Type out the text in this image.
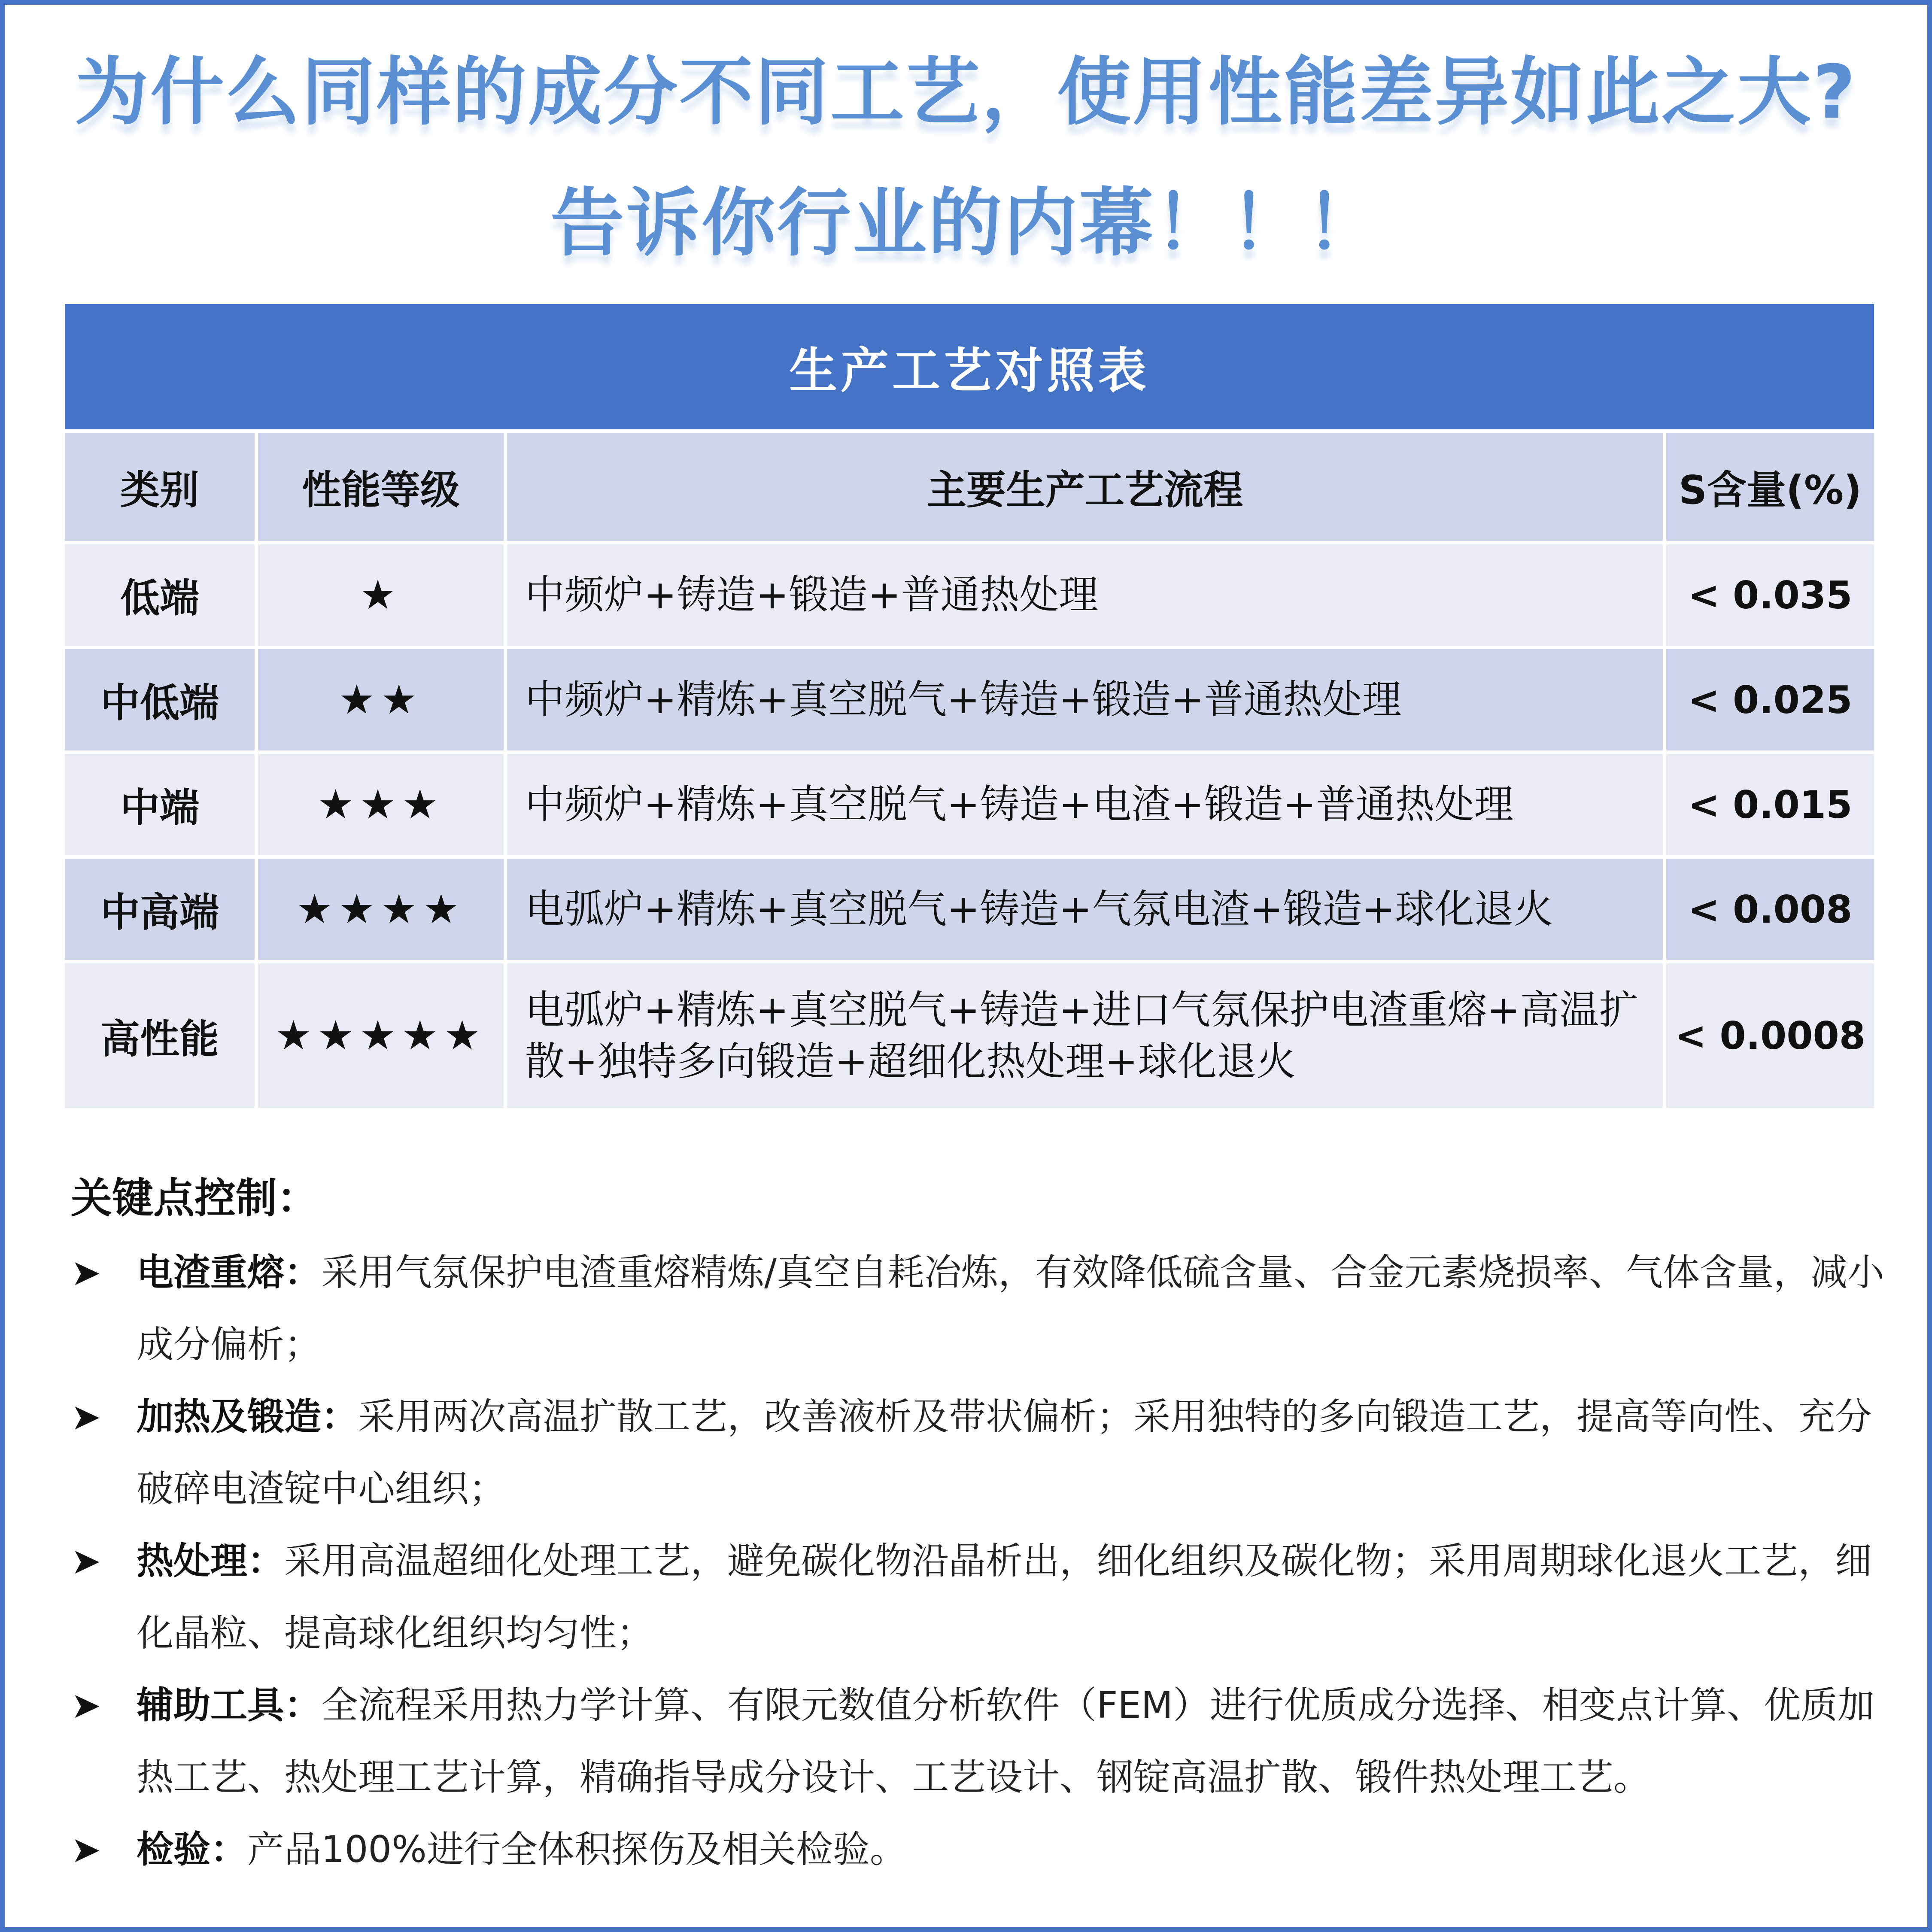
为什么同样的成分不同工艺，使用性能差异如此之大?
告诉你行业的内幕！！！
生产工艺对照表			
类别	性能等级	主要生产工艺流程	S含量(%)
低端	★	中频炉+铸造+锻造+普通热处理	< 0.035
中低端	★★	中频炉+精炼+真空脱气+铸造+锻造+普通热处理	< 0.025
中端	★★★	中频炉+精炼+真空脱气+铸造+电渣+锻造+普通热处理	< 0.015
中高端	★★★★	电弧炉+精炼+真空脱气+铸造+气氛电渣+锻造+球化退火	< 0.008
高性能	★★★★★	电弧炉+精炼+真空脱气+铸造+进口气氛保护电渣重熔+高温扩散+独特多向锻造+超细化热处理+球化退火	< 0.0008
关键点控制：
➤ 电渣重熔：采用气氛保护电渣重熔精炼/真空自耗冶炼，有效降低硫含量、合金元素烧损率、气体含量，减小成分偏析；
➤ 加热及锻造：采用两次高温扩散工艺，改善液析及带状偏析；采用独特的多向锻造工艺，提高等向性、充分破碎电渣锭中心组织；
➤ 热处理：采用高温超细化处理工艺，避免碳化物沿晶析出，细化组织及碳化物；采用周期球化退火工艺，细化晶粒、提高球化组织均匀性；
➤ 辅助工具：全流程采用热力学计算、有限元数值分析软件（FEM）进行优质成分选择、相变点计算、优质加热工艺、热处理工艺计算，精确指导成分设计、工艺设计、钢锭高温扩散、锻件热处理工艺。
➤ 检验：产品100%进行全体积探伤及相关检验。
